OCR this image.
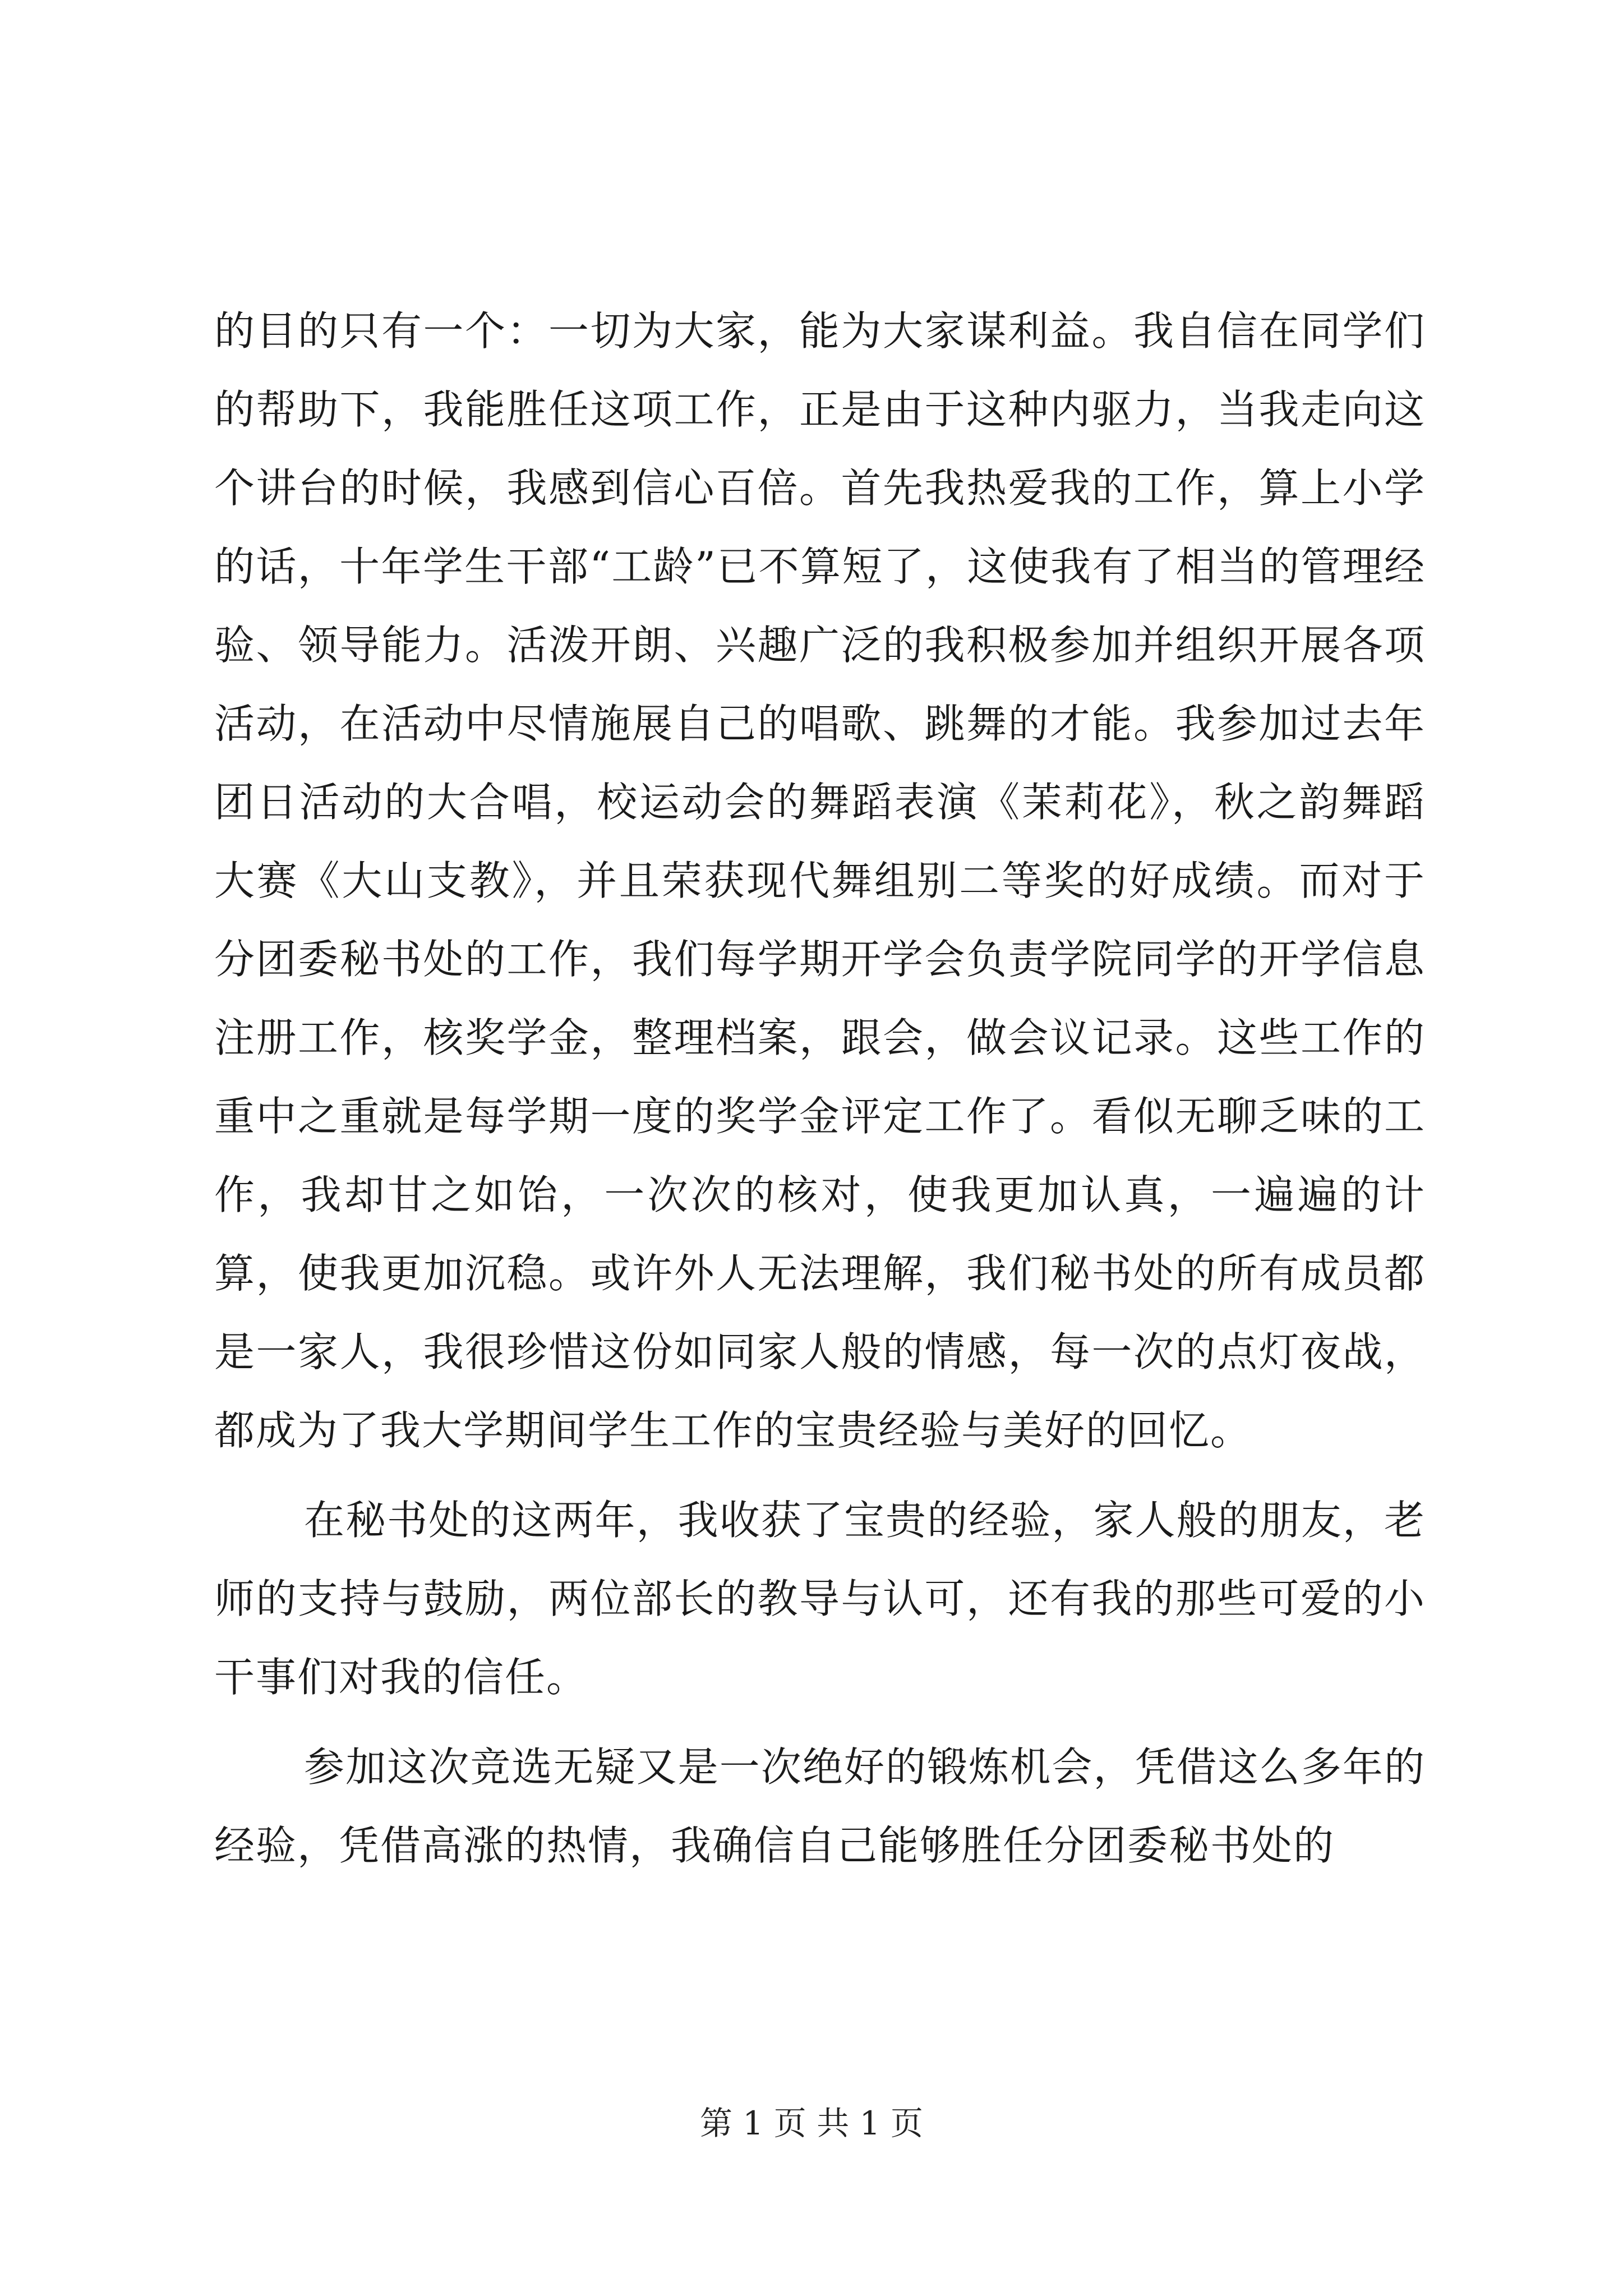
的目的只有一个：一切为大家，能为大家谋利益。我自信在同学们的帮助下，我能胜任这项工作，正是由于这种内驱力，当我走向这个讲台的时候，我感到信心百倍。首先我热爱我的工作，算上小学的话，十年学生干部“工龄”已不算短了，这使我有了相当的管理经验、领导能力。活泼开朗、兴趣广泛的我积极参加并组织开展各项活动，在活动中尽情施展自己的唱歌、跳舞的才能。我参加过去年团日活动的大合唱，校运动会的舞蹈表演《茉莉花》，秋之韵舞蹈大赛《大山支教》，并且荣获现代舞组别二等奖的好成绩。而对于分团委秘书处的工作，我们每学期开学会负责学院同学的开学信息注册工作，核奖学金，整理档案，跟会，做会议记录。这些工作的重中之重就是每学期一度的奖学金评定工作了。看似无聊乏味的工作，我却甘之如饴，一次次的核对，使我更加认真，一遍遍的计算，使我更加沉稳。或许外人无法理解，我们秘书处的所有成员都是一家人，我很珍惜这份如同家人般的情感，每一次的点灯夜战，都成为了我大学期间学生工作的宝贵经验与美好的回忆。

在秘书处的这两年，我收获了宝贵的经验，家人般的朋友，老师的支持与鼓励，两位部长的教导与认可，还有我的那些可爱的小干事们对我的信任。

参加这次竞选无疑又是一次绝好的锻炼机会，凭借这么多年的经验，凭借高涨的热情，我确信自己能够胜任分团委秘书处的

第 1 页 共 1 页
